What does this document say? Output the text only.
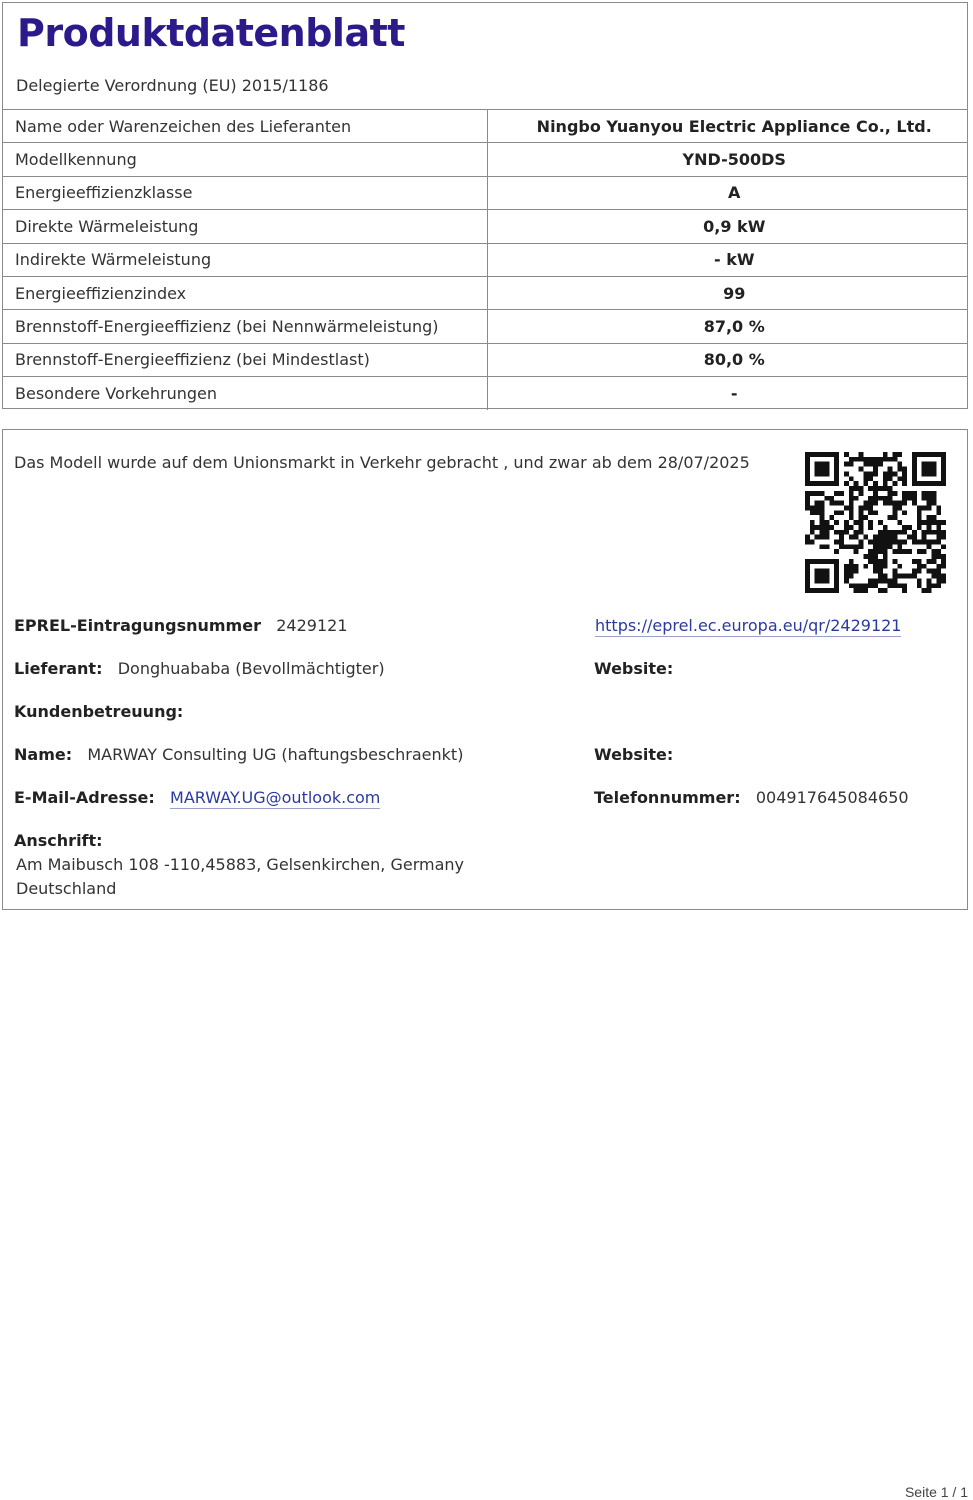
Produktdatenblatt
Delegierte Verordnung (EU) 2015/1186
Name oder Warenzeichen des Lieferanten	Ningbo Yuanyou Electric Appliance Co., Ltd.
Modellkennung	YND-500DS
Energieeffizienzklasse	A
Direkte Wärmeleistung	0,9 kW
Indirekte Wärmeleistung	- kW
Energieeffizienzindex	99
Brennstoff-Energieeffizienz (bei Nennwärmeleistung)	87,0 %
Brennstoff-Energieeffizienz (bei Mindestlast)	80,0 %
Besondere Vorkehrungen	-
Das Modell wurde auf dem Unionsmarkt in Verkehr gebracht , und zwar ab dem 28/07/2025
EPREL-Eintragungsnummer 2429121	https://eprel.ec.europa.eu/qr/2429121
Lieferant: Donghuababa (Bevollmächtigter)	Website:
Kundenbetreuung:
Name: MARWAY Consulting UG (haftungsbeschraenkt)	Website:
E-Mail-Adresse: MARWAY.UG@outlook.com	Telefonnummer: 004917645084650
Anschrift:
Am Maibusch 108 -110,45883, Gelsenkirchen, Germany
Deutschland
Seite 1 / 1
